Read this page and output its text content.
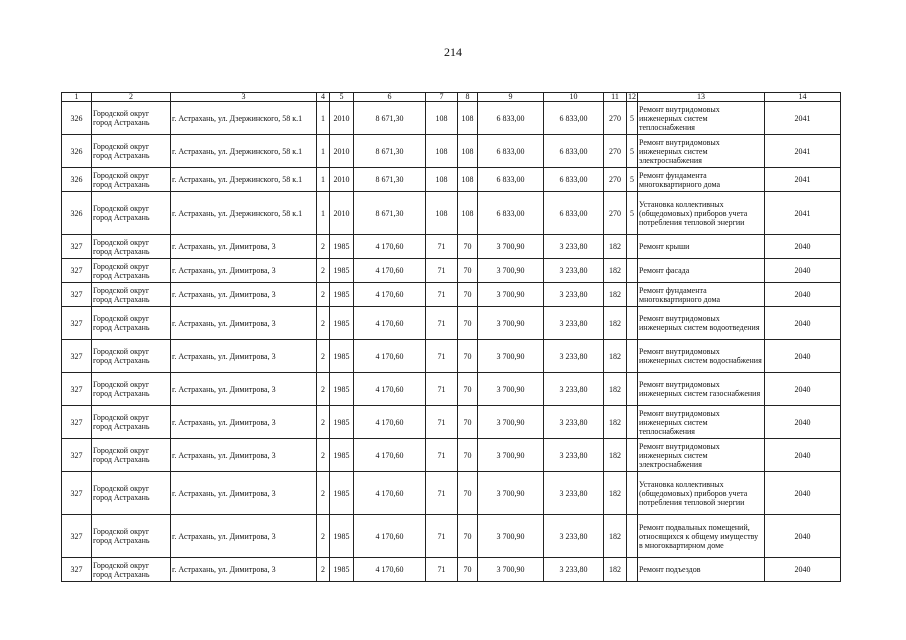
214
1	2	3	4	5	6	7	8	9	10	11	12	13	14
326	Городской округ город Астрахань	г. Астрахань, ул. Дзержинского, 58 к.1	1	2010	8 671,30	108	108	6 833,00	6 833,00	270	5	Ремонт внутридомовых инженерных систем теплоснабжения	2041
326	Городской округ город Астрахань	г. Астрахань, ул. Дзержинского, 58 к.1	1	2010	8 671,30	108	108	6 833,00	6 833,00	270	5	Ремонт внутридомовых инженерных систем электроснабжения	2041
326	Городской округ город Астрахань	г. Астрахань, ул. Дзержинского, 58 к.1	1	2010	8 671,30	108	108	6 833,00	6 833,00	270	5	Ремонт фундамента многоквартирного дома	2041
326	Городской округ город Астрахань	г. Астрахань, ул. Дзержинского, 58 к.1	1	2010	8 671,30	108	108	6 833,00	6 833,00	270	5	Установка коллективных (общедомовых) приборов учета потребления тепловой энергии	2041
327	Городской округ город Астрахань	г. Астрахань, ул. Димитрова, 3	2	1985	4 170,60	71	70	3 700,90	3 233,80	182		Ремонт крыши	2040
327	Городской округ город Астрахань	г. Астрахань, ул. Димитрова, 3	2	1985	4 170,60	71	70	3 700,90	3 233,80	182		Ремонт фасада	2040
327	Городской округ город Астрахань	г. Астрахань, ул. Димитрова, 3	2	1985	4 170,60	71	70	3 700,90	3 233,80	182		Ремонт фундамента многоквартирного дома	2040
327	Городской округ город Астрахань	г. Астрахань, ул. Димитрова, 3	2	1985	4 170,60	71	70	3 700,90	3 233,80	182		Ремонт внутридомовых инженерных систем водоотведения	2040
327	Городской округ город Астрахань	г. Астрахань, ул. Димитрова, 3	2	1985	4 170,60	71	70	3 700,90	3 233,80	182		Ремонт внутридомовых инженерных систем водоснабжения	2040
327	Городской округ город Астрахань	г. Астрахань, ул. Димитрова, 3	2	1985	4 170,60	71	70	3 700,90	3 233,80	182		Ремонт внутридомовых инженерных систем газоснабжения	2040
327	Городской округ город Астрахань	г. Астрахань, ул. Димитрова, 3	2	1985	4 170,60	71	70	3 700,90	3 233,80	182		Ремонт внутридомовых инженерных систем теплоснабжения	2040
327	Городской округ город Астрахань	г. Астрахань, ул. Димитрова, 3	2	1985	4 170,60	71	70	3 700,90	3 233,80	182		Ремонт внутридомовых инженерных систем электроснабжения	2040
327	Городской округ город Астрахань	г. Астрахань, ул. Димитрова, 3	2	1985	4 170,60	71	70	3 700,90	3 233,80	182		Установка коллективных (общедомовых) приборов учета потребления тепловой энергии	2040
327	Городской округ город Астрахань	г. Астрахань, ул. Димитрова, 3	2	1985	4 170,60	71	70	3 700,90	3 233,80	182		Ремонт подвальных помещений, относящихся к общему имуществу в многоквартирном доме	2040
327	Городской округ город Астрахань	г. Астрахань, ул. Димитрова, 3	2	1985	4 170,60	71	70	3 700,90	3 233,80	182		Ремонт подъездов	2040
